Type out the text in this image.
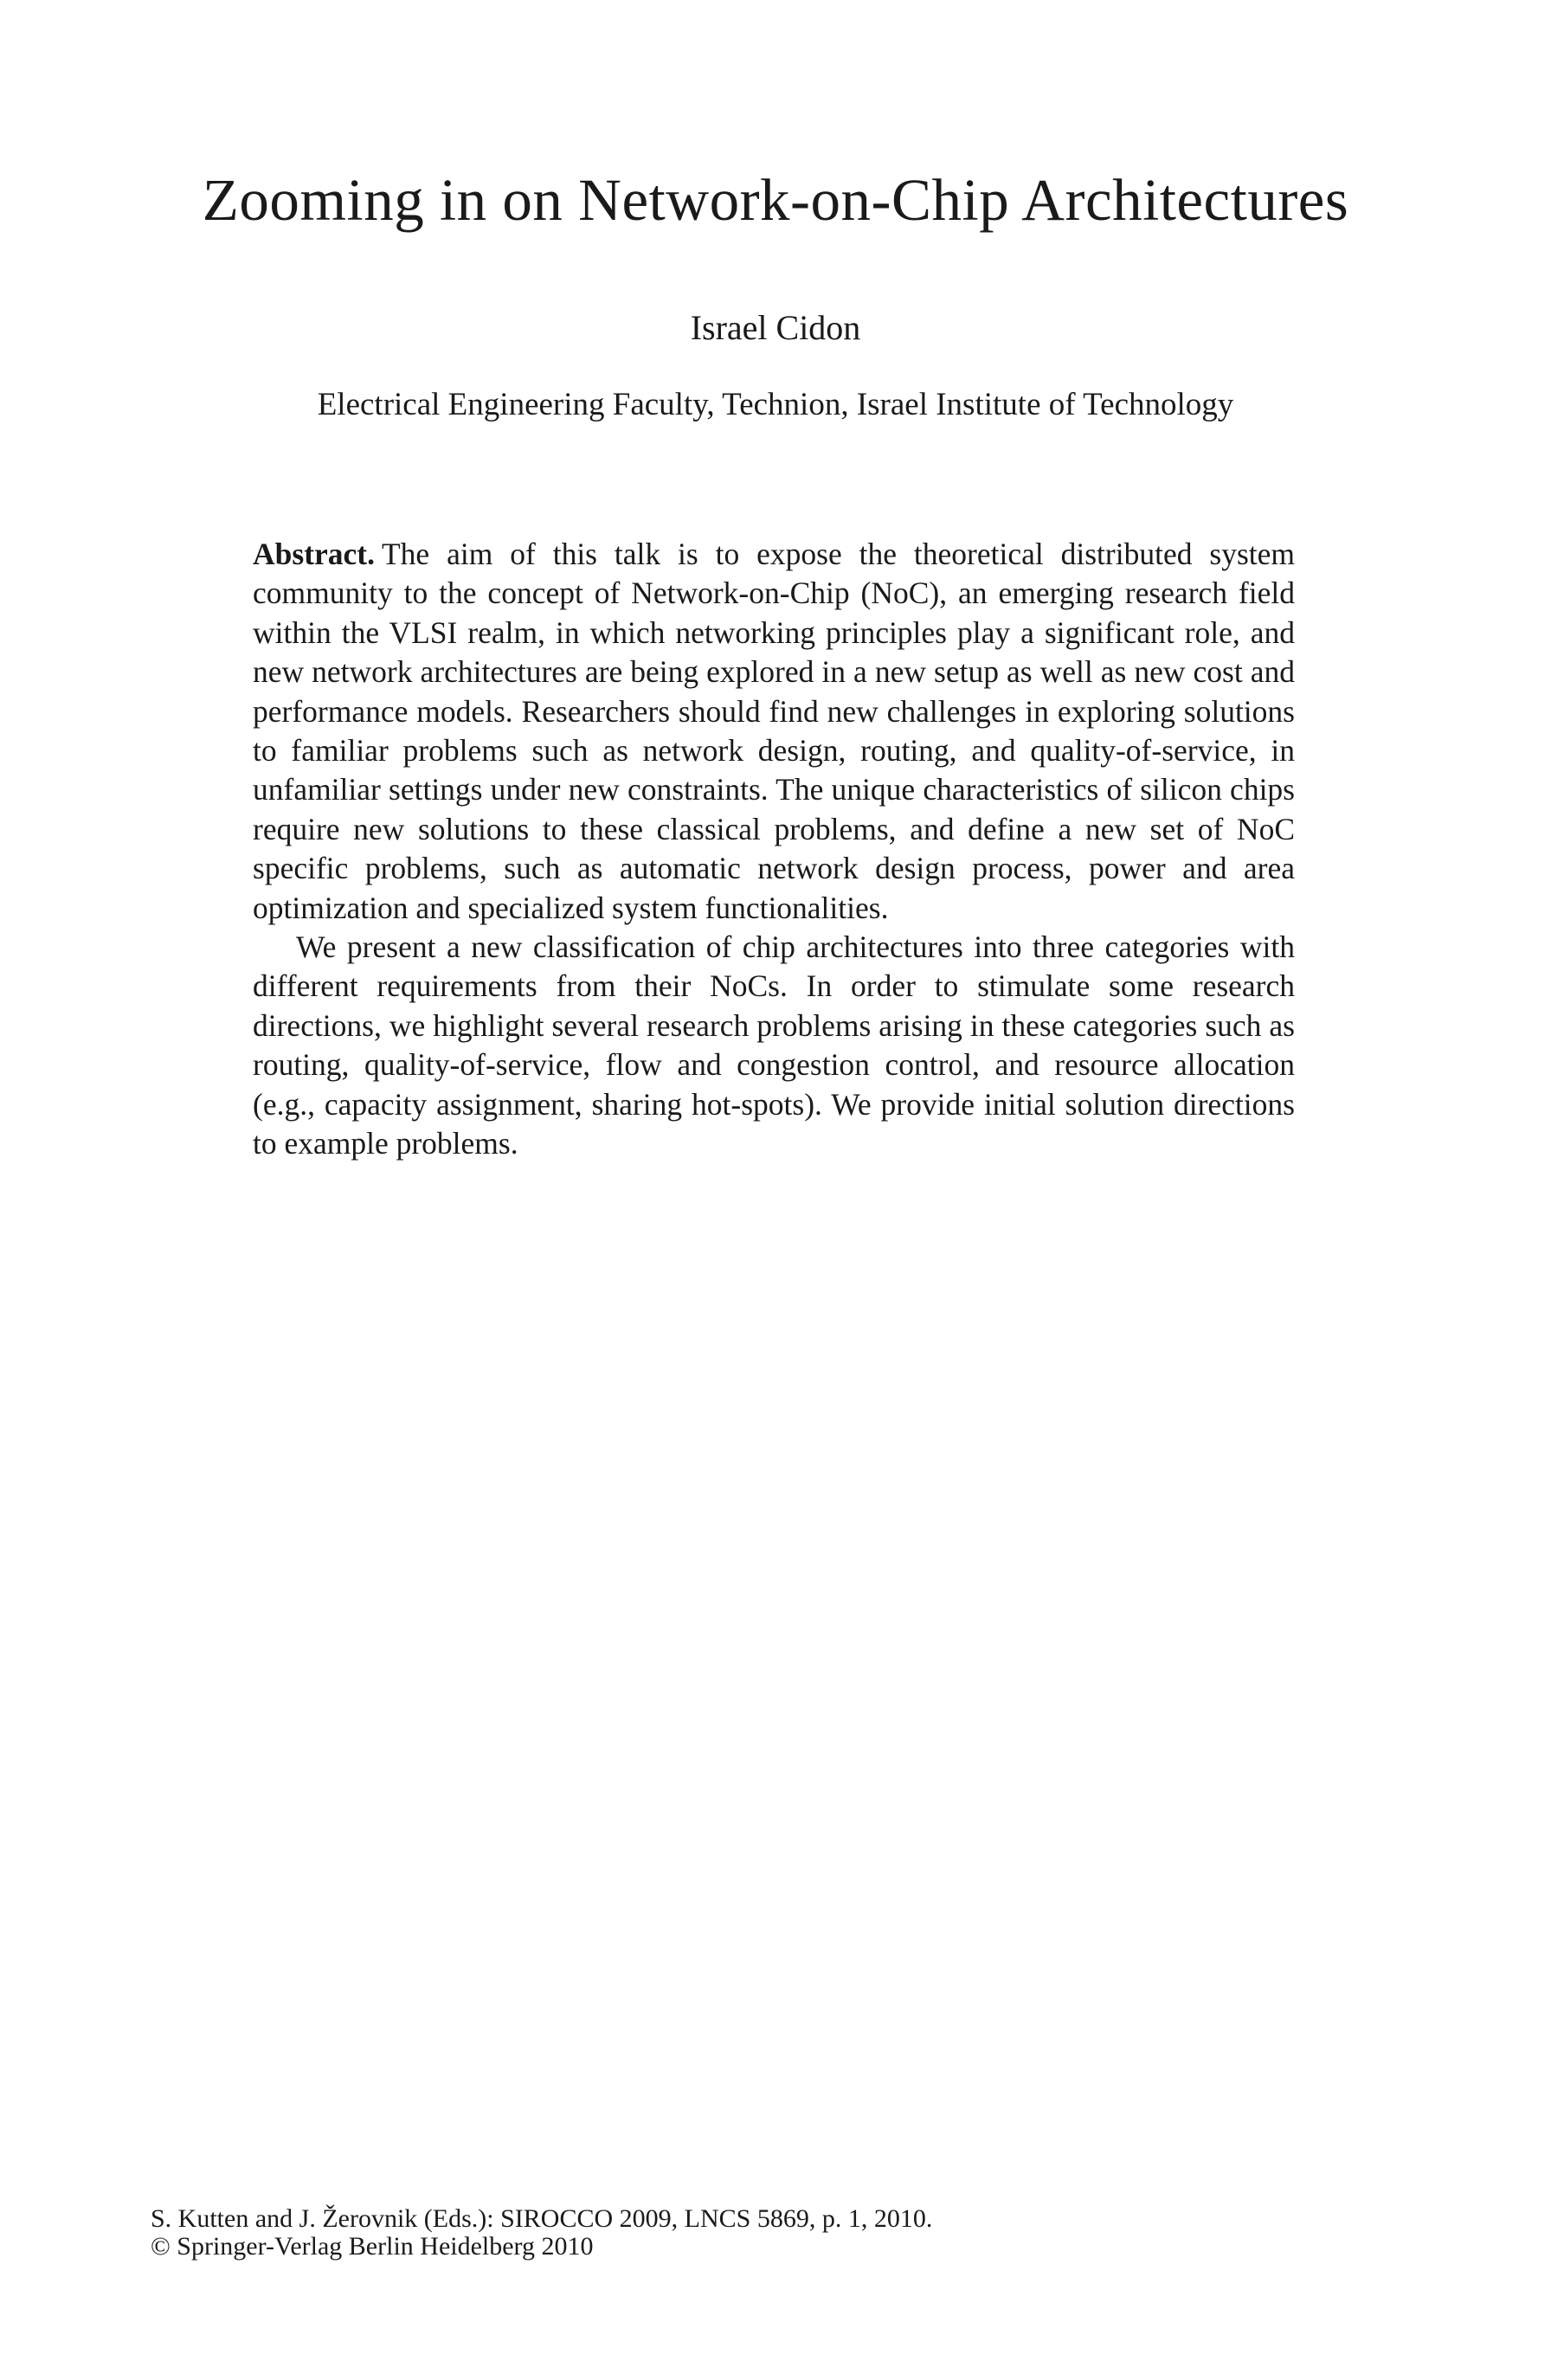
Zooming in on Network-on-Chip Architectures
Israel Cidon
Electrical Engineering Faculty, Technion, Israel Institute of Technology

Abstract. The aim of this talk is to expose the theoretical distributed system community to the concept of Network-on-Chip (NoC), an emerging research field within the VLSI realm, in which networking principles play a significant role, and new network architectures are being explored in a new setup as well as new cost and performance models. Researchers should find new challenges in exploring solutions to familiar problems such as network design, routing, and quality-of-service, in unfamiliar settings under new constraints. The unique characteristics of silicon chips require new solutions to these classical problems, and define a new set of NoC specific problems, such as automatic network design process, power and area optimization and specialized system functionalities.

We present a new classification of chip architectures into three categories with different requirements from their NoCs. In order to stimulate some research directions, we highlight several research problems arising in these categories such as routing, quality-of-service, flow and congestion control, and resource allocation (e.g., capacity assignment, sharing hot-spots). We provide initial solution directions to example problems.

S. Kutten and J. Žerovnik (Eds.): SIROCCO 2009, LNCS 5869, p. 1, 2010.
© Springer-Verlag Berlin Heidelberg 2010
